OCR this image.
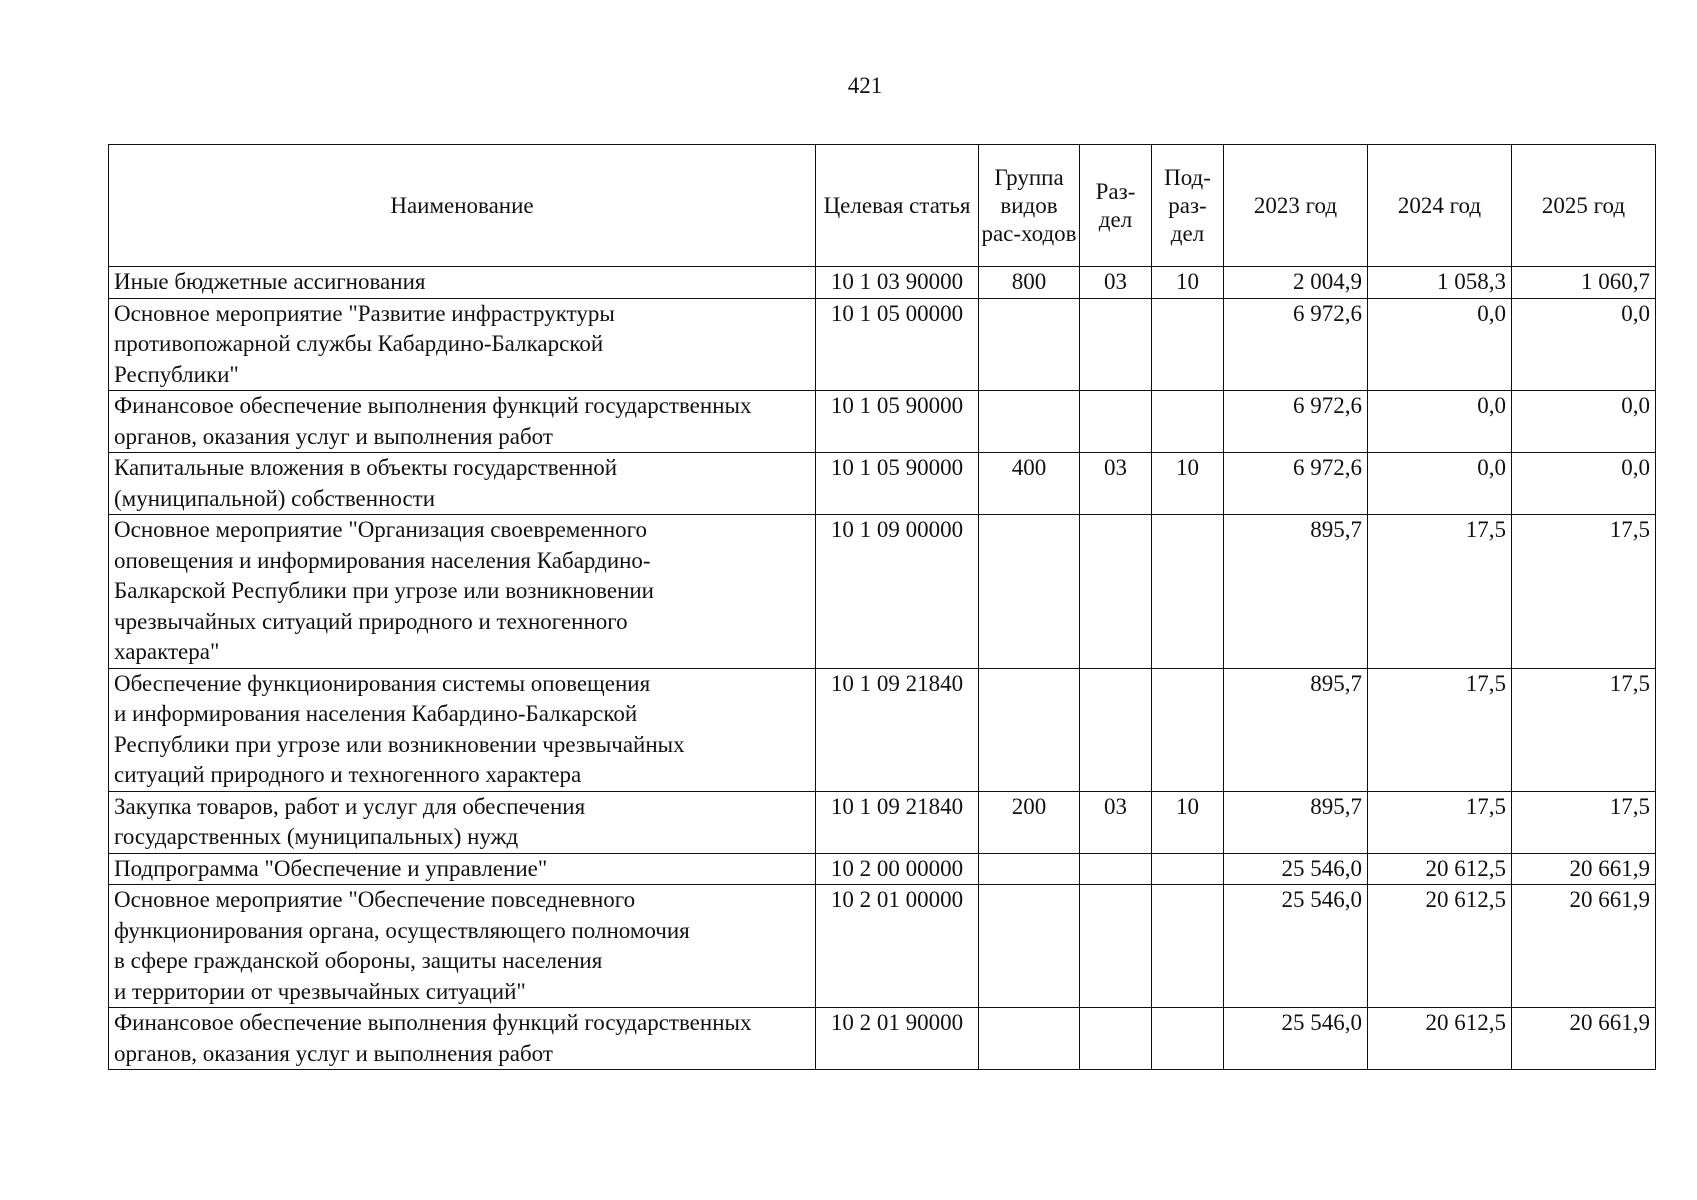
421
Наименование	Целевая статья	Группа видов рас-ходов	Раз-дел	Под-раз-дел	2023 год	2024 год	2025 год
Иные бюджетные ассигнования	10 1 03 90000	800	03	10	2 004,9	1 058,3	1 060,7
Основное мероприятие "Развитие инфраструктуры
противопожарной службы Кабардино-Балкарской
Республики"	10 1 05 00000				6 972,6	0,0	0,0
Финансовое обеспечение выполнения функций государственных
органов, оказания услуг и выполнения работ	10 1 05 90000				6 972,6	0,0	0,0
Капитальные вложения в объекты государственной
(муниципальной) собственности	10 1 05 90000	400	03	10	6 972,6	0,0	0,0
Основное мероприятие "Организация своевременного
оповещения и информирования населения Кабардино-
Балкарской Республики при угрозе или возникновении
чрезвычайных ситуаций природного и техногенного
характера"	10 1 09 00000				895,7	17,5	17,5
Обеспечение функционирования системы оповещения
и информирования населения Кабардино-Балкарской
Республики при угрозе или возникновении чрезвычайных
ситуаций природного и техногенного характера	10 1 09 21840				895,7	17,5	17,5
Закупка товаров, работ и услуг для обеспечения
государственных (муниципальных) нужд	10 1 09 21840	200	03	10	895,7	17,5	17,5
Подпрограмма "Обеспечение и управление"	10 2 00 00000				25 546,0	20 612,5	20 661,9
Основное мероприятие "Обеспечение повседневного
функционирования органа, осуществляющего полномочия
в сфере гражданской обороны, защиты населения
и территории от чрезвычайных ситуаций"	10 2 01 00000				25 546,0	20 612,5	20 661,9
Финансовое обеспечение выполнения функций государственных
органов, оказания услуг и выполнения работ	10 2 01 90000				25 546,0	20 612,5	20 661,9
